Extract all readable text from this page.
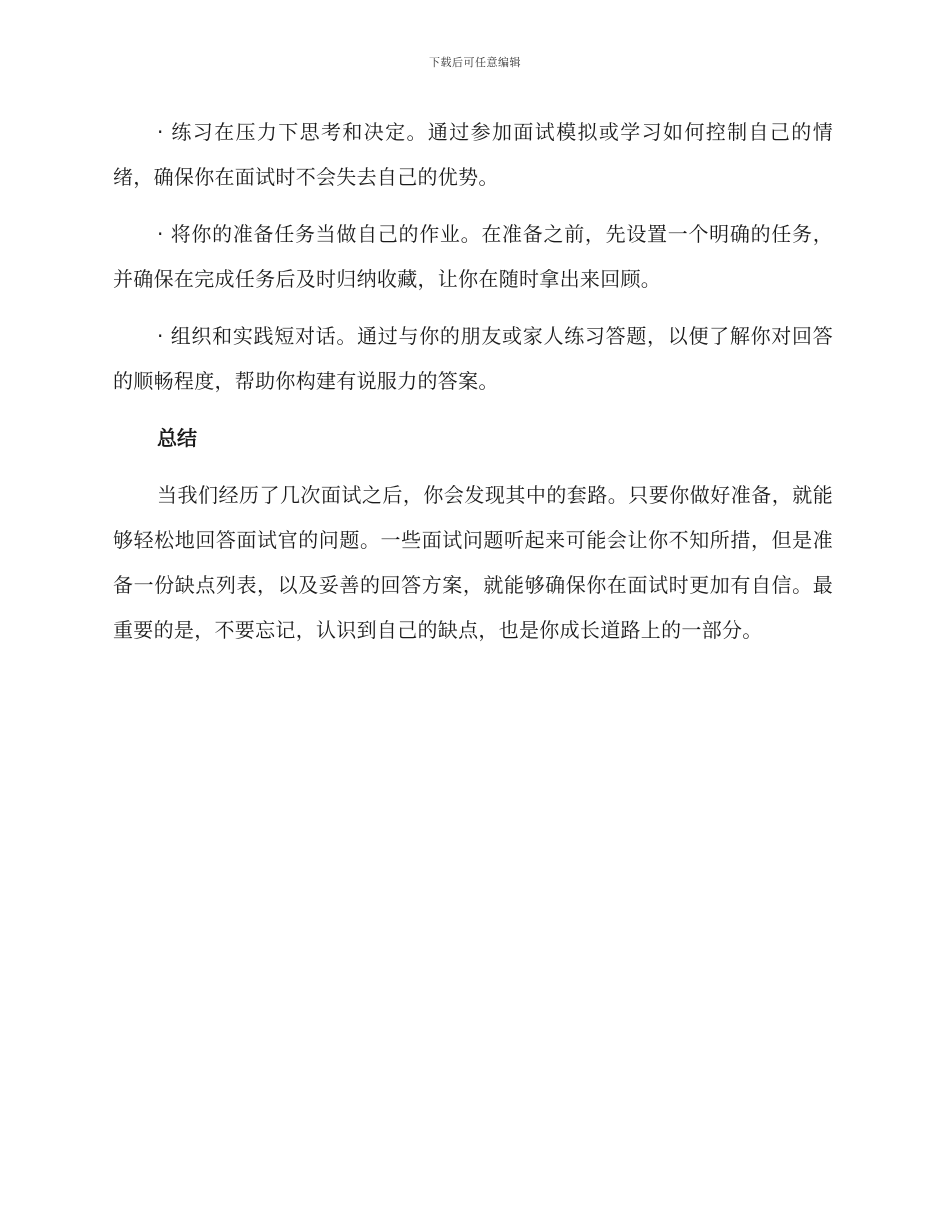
下载后可任意编辑

· 练习在压力下思考和决定。通过参加面试模拟或学习如何控制自己的情绪，确保你在面试时不会失去自己的优势。

· 将你的准备任务当做自己的作业。在准备之前，先设置一个明确的任务，并确保在完成任务后及时归纳收藏，让你在随时拿出来回顾。

· 组织和实践短对话。通过与你的朋友或家人练习答题，以便了解你对回答的顺畅程度，帮助你构建有说服力的答案。

总结

当我们经历了几次面试之后，你会发现其中的套路。只要你做好准备，就能够轻松地回答面试官的问题。一些面试问题听起来可能会让你不知所措，但是准备一份缺点列表，以及妥善的回答方案，就能够确保你在面试时更加有自信。最重要的是，不要忘记，认识到自己的缺点，也是你成长道路上的一部分。
